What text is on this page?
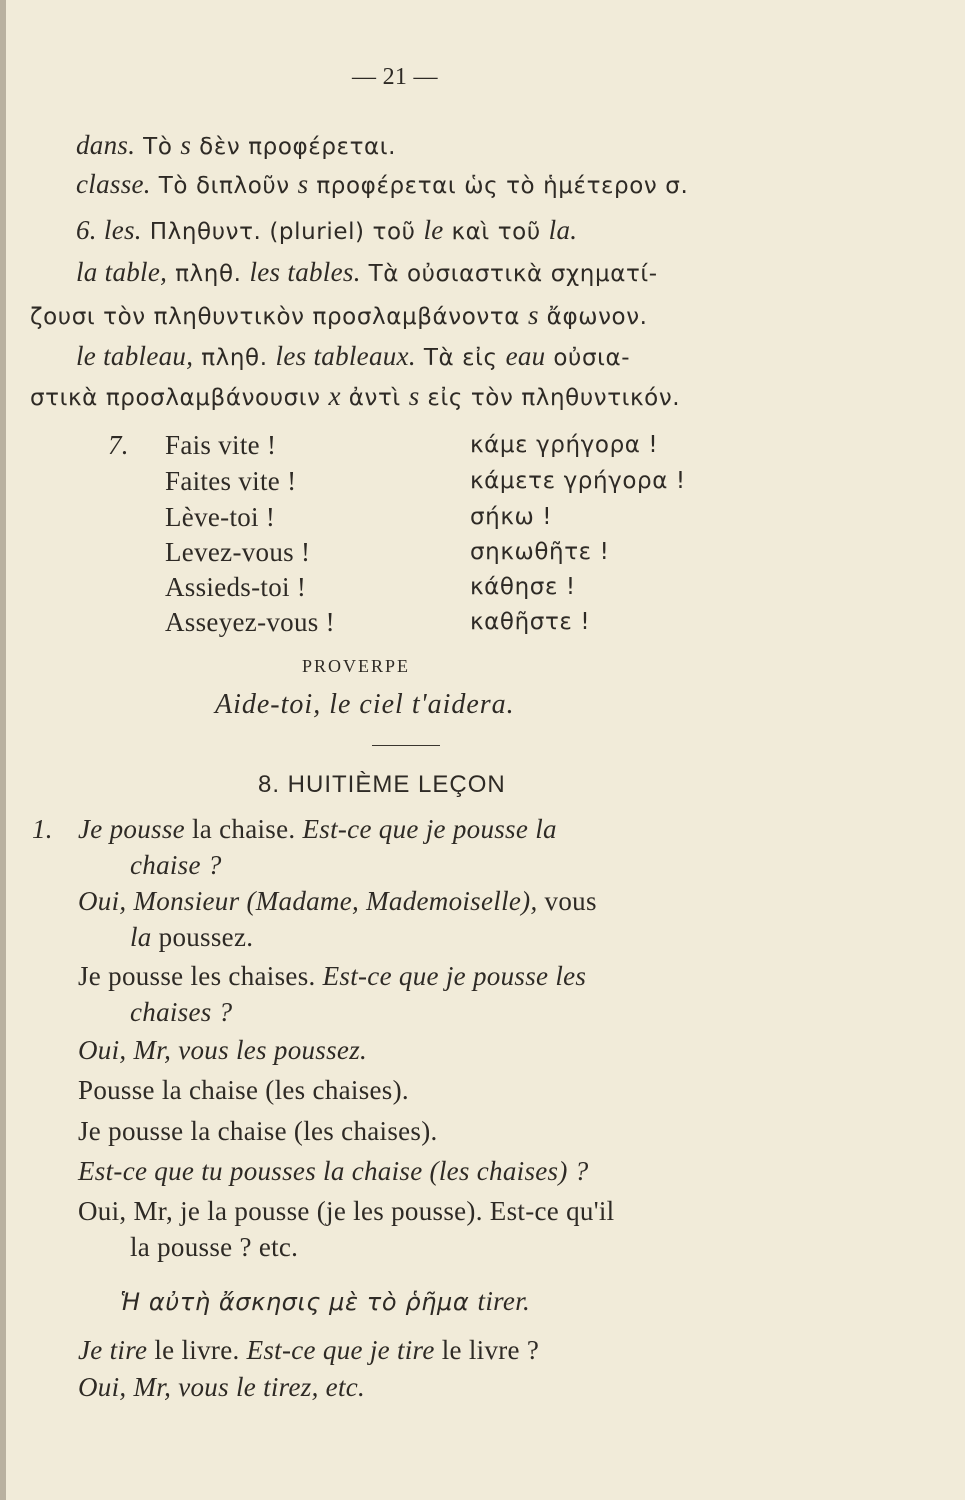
— 21 —
dans. Τὸ s δὲν προφέρεται.
classe. Τὸ διπλοῦν s προφέρεται ὡς τὸ ἡμέτερον σ.
6. les. Πληθυντ. (pluriel) τοῦ le καὶ τοῦ la.
la table, πληθ. les tables. Τὰ οὐσιαστικὰ σχηματί-
ζουσι τὸν πληθυντικὸν προσλαμβάνοντα s ἄφωνον.
le tableau, πληθ. les tableaux. Τὰ εἰς eau οὐσια-
στικὰ προσλαμβάνουσιν x ἀντὶ s εἰς τὸν πληθυντικόν.
7. Fais vite !	κάμε γρήγορα !
Faites vite !	κάμετε γρήγορα !
Lève-toi !	σήκω !
Levez-vous !	σηκωθῆτε !
Assieds-toi !	κάθησε !
Asseyez-vous !	καθῆστε !
PROVERPE
Aide-toi, le ciel t'aidera.
8. HUITIÈME LEÇON
1. Je pousse la chaise. Est-ce que je pousse la
chaise ?
Oui, Monsieur (Madame, Mademoiselle), vous
la poussez.
Je pousse les chaises. Est-ce que je pousse les
chaises ?
Oui, Mr, vous les poussez.
Pousse la chaise (les chaises).
Je pousse la chaise (les chaises).
Est-ce que tu pousses la chaise (les chaises) ?
Oui, Mr, je la pousse (je les pousse). Est-ce qu'il
la pousse ? etc.
Ἡ αὐτὴ ἄσκησις μὲ τὸ ῥῆμα tirer.
Je tire le livre. Est-ce que je tire le livre ?
Oui, Mr, vous le tirez, etc.
